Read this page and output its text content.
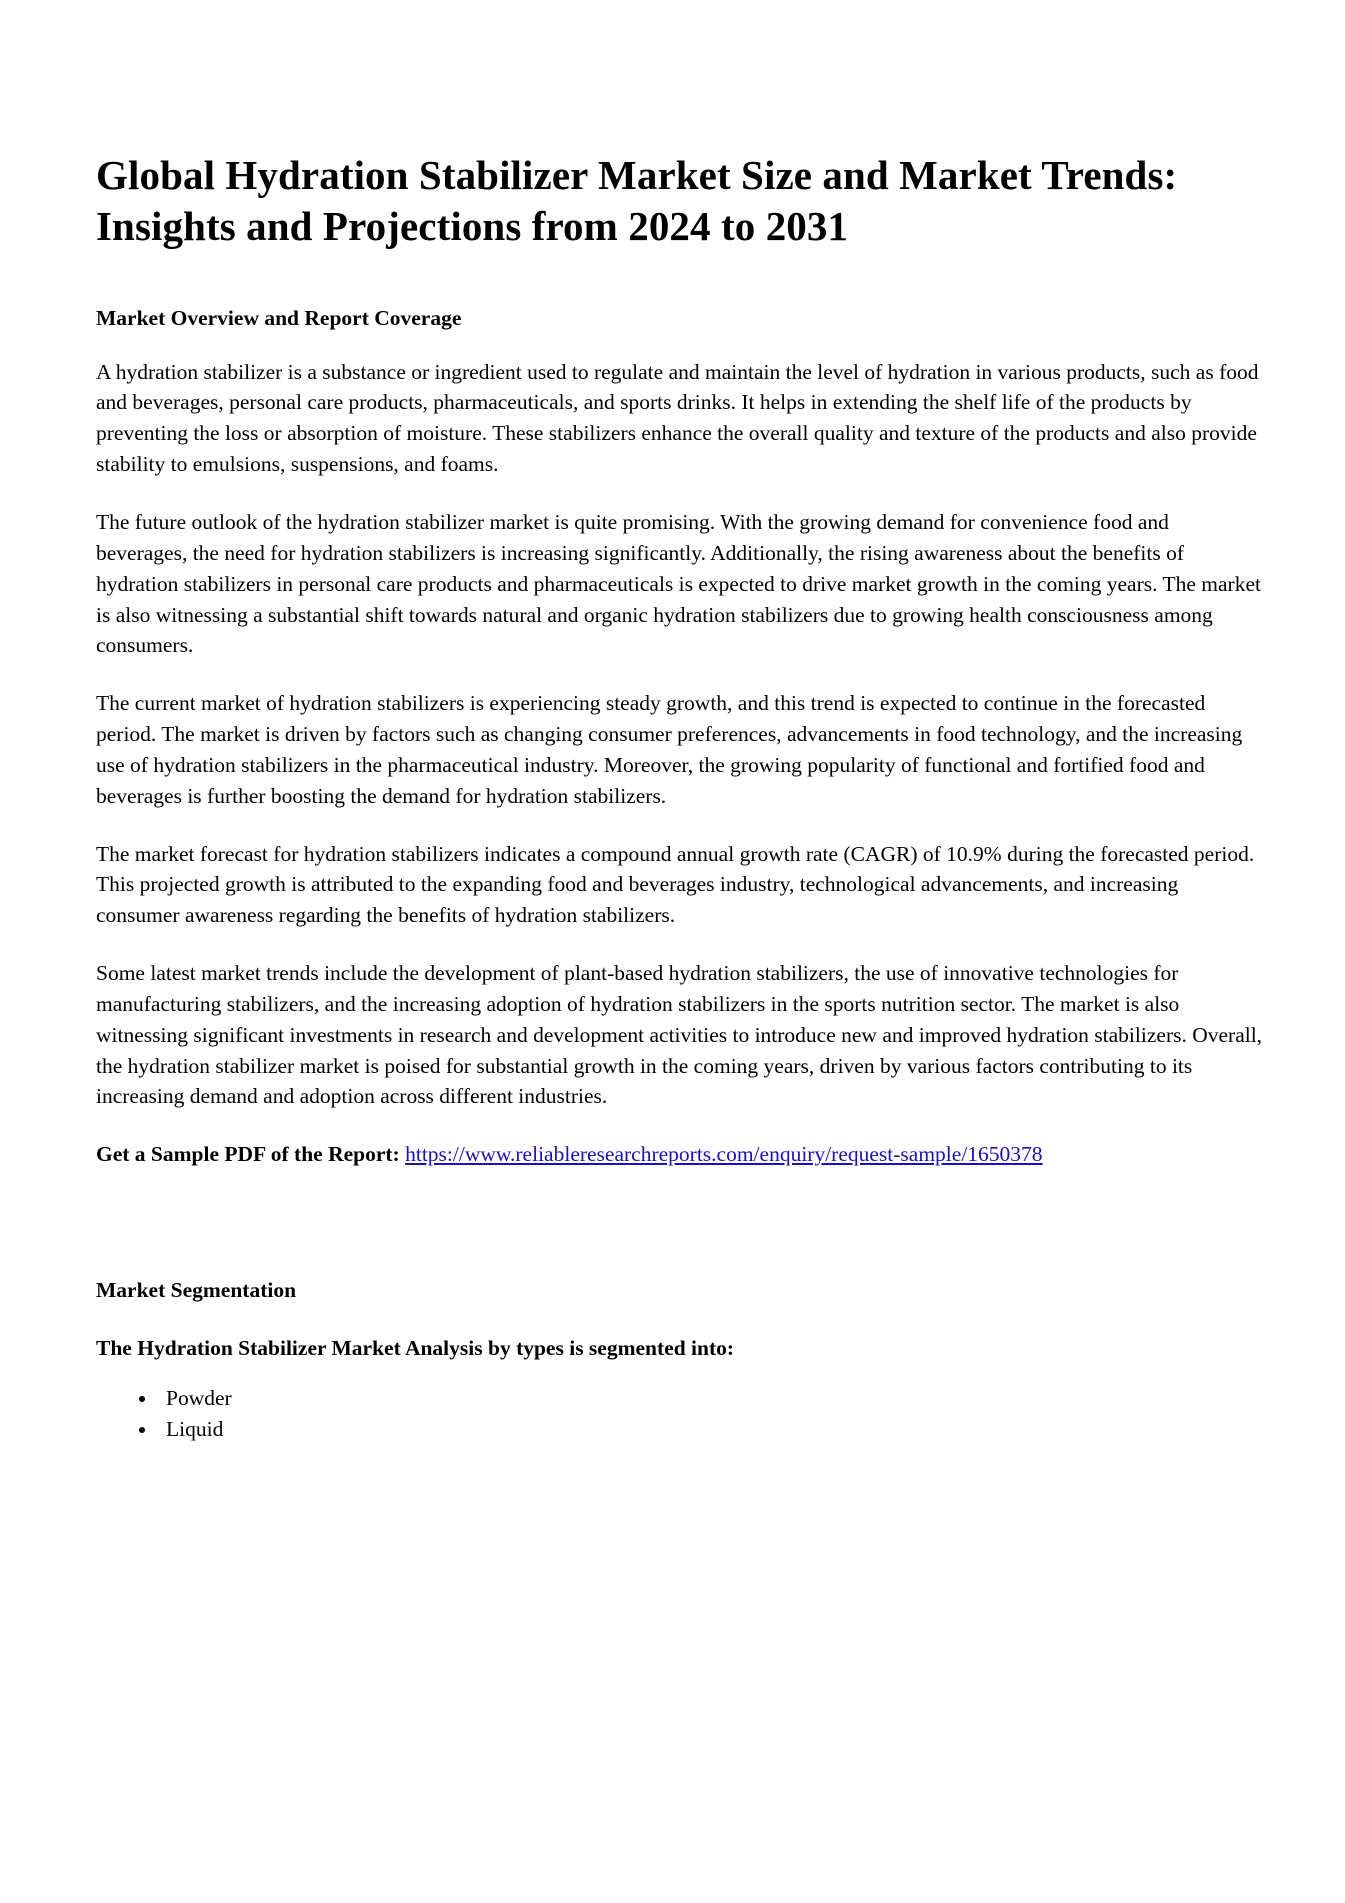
Global Hydration Stabilizer Market Size and Market Trends: Insights and Projections from 2024 to 2031
Market Overview and Report Coverage

A hydration stabilizer is a substance or ingredient used to regulate and maintain the level of hydration in various products, such as food and beverages, personal care products, pharmaceuticals, and sports drinks. It helps in extending the shelf life of the products by preventing the loss or absorption of moisture. These stabilizers enhance the overall quality and texture of the products and also provide stability to emulsions, suspensions, and foams.

The future outlook of the hydration stabilizer market is quite promising. With the growing demand for convenience food and beverages, the need for hydration stabilizers is increasing significantly. Additionally, the rising awareness about the benefits of hydration stabilizers in personal care products and pharmaceuticals is expected to drive market growth in the coming years. The market is also witnessing a substantial shift towards natural and organic hydration stabilizers due to growing health consciousness among consumers.

The current market of hydration stabilizers is experiencing steady growth, and this trend is expected to continue in the forecasted period. The market is driven by factors such as changing consumer preferences, advancements in food technology, and the increasing use of hydration stabilizers in the pharmaceutical industry. Moreover, the growing popularity of functional and fortified food and beverages is further boosting the demand for hydration stabilizers.

The market forecast for hydration stabilizers indicates a compound annual growth rate (CAGR) of 10.9% during the forecasted period. This projected growth is attributed to the expanding food and beverages industry, technological advancements, and increasing consumer awareness regarding the benefits of hydration stabilizers.

Some latest market trends include the development of plant-based hydration stabilizers, the use of innovative technologies for manufacturing stabilizers, and the increasing adoption of hydration stabilizers in the sports nutrition sector. The market is also witnessing significant investments in research and development activities to introduce new and improved hydration stabilizers. Overall, the hydration stabilizer market is poised for substantial growth in the coming years, driven by various factors contributing to its increasing demand and adoption across different industries.

Get a Sample PDF of the Report: https://www.reliableresearchreports.com/enquiry/request-sample/1650378

Market Segmentation
The Hydration Stabilizer Market Analysis by types is segmented into:
• Powder
• Liquid
